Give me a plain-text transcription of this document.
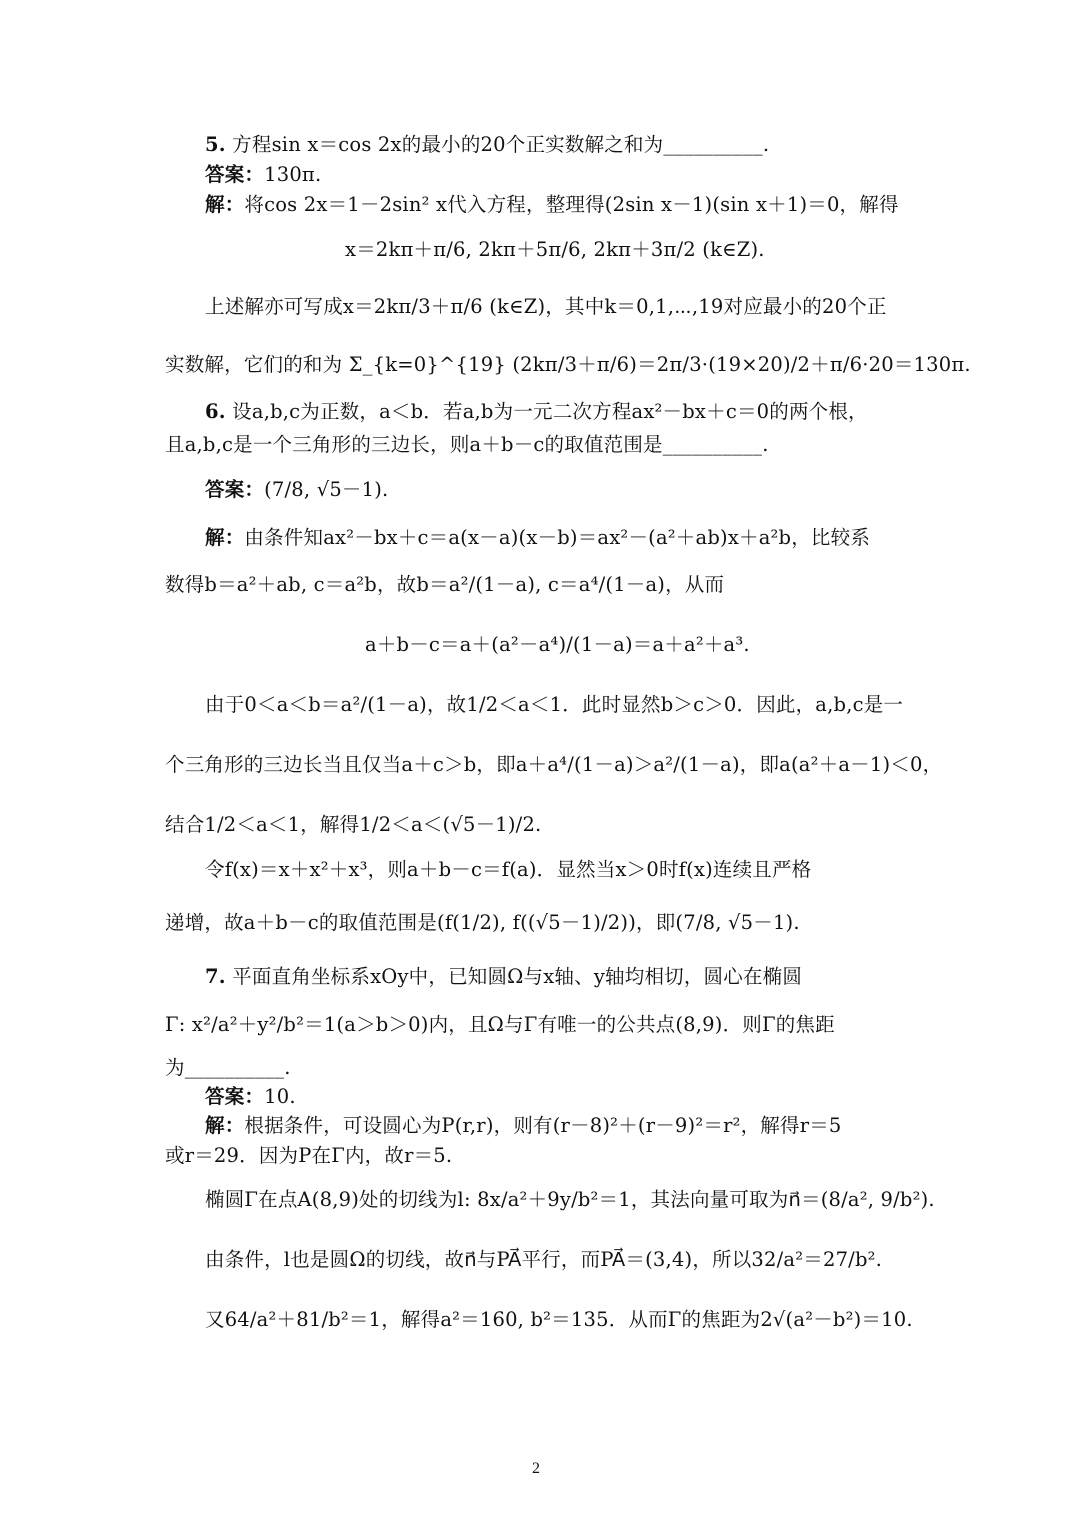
5. 方程sin x＝cos 2x的最小的20个正实数解之和为__________.
答案：130π.
解：将cos 2x＝1－2sin² x代入方程，整理得(2sin x－1)(sin x＋1)＝0，解得
x＝2kπ＋π/6, 2kπ＋5π/6, 2kπ＋3π/2 (k∈Z).
上述解亦可写成x＝2kπ/3＋π/6 (k∈Z)，其中k＝0,1,⋯,19对应最小的20个正
实数解，它们的和为 Σ_{k=0}^{19} (2kπ/3＋π/6)＝2π/3·(19×20)/2＋π/6·20＝130π.
6. 设a,b,c为正数，a＜b．若a,b为一元二次方程ax²－bx＋c＝0的两个根，
且a,b,c是一个三角形的三边长，则a＋b－c的取值范围是__________.
答案：(7/8, √5－1).
解：由条件知ax²－bx＋c＝a(x－a)(x－b)＝ax²－(a²＋ab)x＋a²b，比较系
数得b＝a²＋ab, c＝a²b，故b＝a²/(1－a), c＝a⁴/(1－a)，从而
a＋b－c＝a＋(a²－a⁴)/(1－a)＝a＋a²＋a³.
由于0＜a＜b＝a²/(1－a)，故1/2＜a＜1．此时显然b＞c＞0．因此，a,b,c是一
个三角形的三边长当且仅当a＋c＞b，即a＋a⁴/(1－a)＞a²/(1－a)，即a(a²＋a－1)＜0，
结合1/2＜a＜1，解得1/2＜a＜(√5－1)/2.
令f(x)＝x＋x²＋x³，则a＋b－c＝f(a)．显然当x＞0时f(x)连续且严格
递增，故a＋b－c的取值范围是(f(1/2), f((√5－1)/2))，即(7/8, √5－1).
7. 平面直角坐标系xOy中，已知圆Ω与x轴、y轴均相切，圆心在椭圆
Γ: x²/a²＋y²/b²＝1(a＞b＞0)内，且Ω与Γ有唯一的公共点(8,9)．则Γ的焦距
为__________.
答案：10.
解：根据条件，可设圆心为P(r,r)，则有(r－8)²＋(r－9)²＝r²，解得r＝5
或r＝29．因为P在Γ内，故r＝5.
椭圆Γ在点A(8,9)处的切线为l: 8x/a²＋9y/b²＝1，其法向量可取为n⃗＝(8/a², 9/b²).
由条件，l也是圆Ω的切线，故n⃗与PA⃗平行，而PA⃗＝(3,4)，所以32/a²＝27/b².
又64/a²＋81/b²＝1，解得a²＝160, b²＝135．从而Γ的焦距为2√(a²－b²)＝10.
2
